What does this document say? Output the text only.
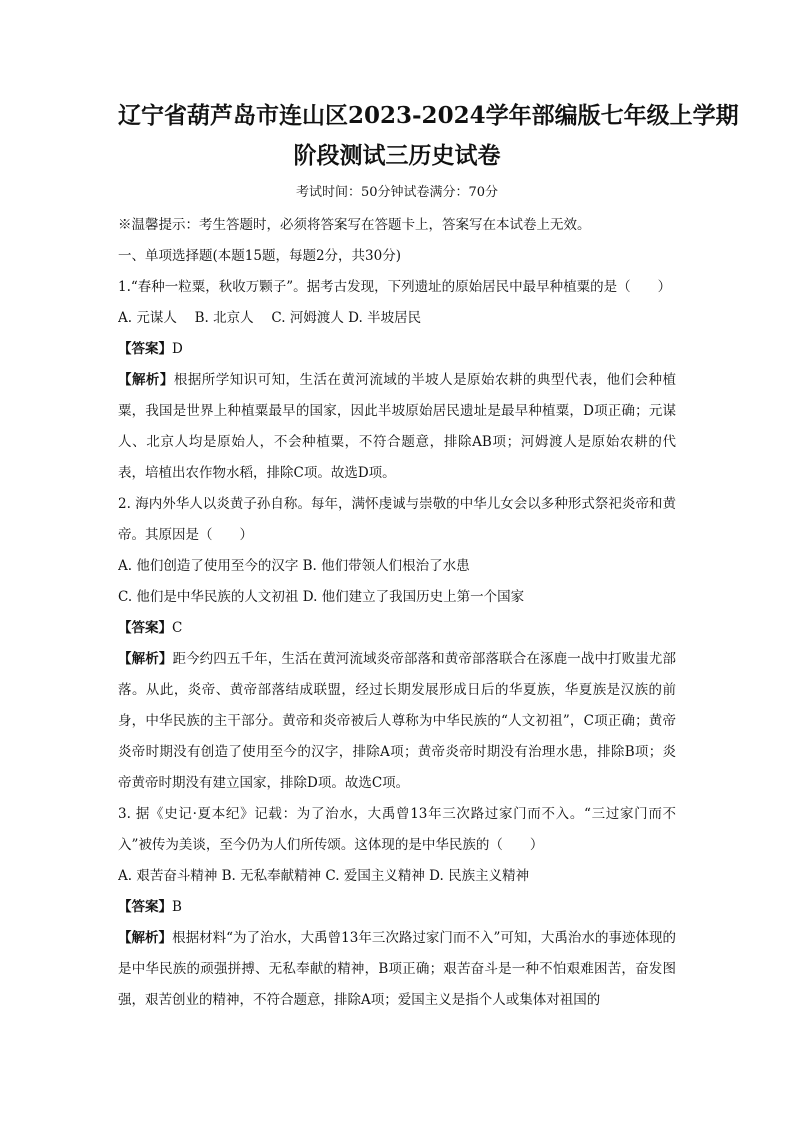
辽宁省葫芦岛市连山区2023-2024学年部编版七年级上学期
阶段测试三历史试卷
考试时间：50分钟试卷满分：70分
※温馨提示：考生答题时，必须将答案写在答题卡上，答案写在本试卷上无效。
一、单项选择题(本题15题，每题2分，共30分)
1.“春种一粒粟，秋收万颗子”。据考古发现，下列遗址的原始居民中最早种植粟的是（　　）
A. 元谋人　 B. 北京人　 C. 河姆渡人 D. 半坡居民
【答案】D
【解析】根据所学知识可知，生活在黄河流域的半坡人是原始农耕的典型代表，他们会种植粟，我国是世界上种植粟最早的国家，因此半坡原始居民遗址是最早种植粟，D项正确；元谋人、北京人均是原始人，不会种植粟，不符合题意，排除AB项；河姆渡人是原始农耕的代表，培植出农作物水稻，排除C项。故选D项。
2. 海内外华人以炎黄子孙自称。每年，满怀虔诚与崇敬的中华儿女会以多种形式祭祀炎帝和黄帝。其原因是（　　）
A. 他们创造了使用至今的汉字 B. 他们带领人们根治了水患
C. 他们是中华民族的人文初祖 D. 他们建立了我国历史上第一个国家
【答案】C
【解析】距今约四五千年，生活在黄河流域炎帝部落和黄帝部落联合在涿鹿一战中打败蚩尤部落。从此，炎帝、黄帝部落结成联盟，经过长期发展形成日后的华夏族，华夏族是汉族的前身，中华民族的主干部分。黄帝和炎帝被后人尊称为中华民族的“人文初祖”，C项正确；黄帝炎帝时期没有创造了使用至今的汉字，排除A项；黄帝炎帝时期没有治理水患，排除B项；炎帝黄帝时期没有建立国家，排除D项。故选C项。
3. 据《史记·夏本纪》记载：为了治水，大禹曾13年三次路过家门而不入。“三过家门而不入”被传为美谈，至今仍为人们所传颂。这体现的是中华民族的（　　）
A. 艰苦奋斗精神 B. 无私奉献精神 C. 爱国主义精神 D. 民族主义精神
【答案】B
【解析】根据材料“为了治水，大禹曾13年三次路过家门而不入”可知，大禹治水的事迹体现的是中华民族的顽强拼搏、无私奉献的精神，B项正确；艰苦奋斗是一种不怕艰难困苦，奋发图强，艰苦创业的精神，不符合题意，排除A项；爱国主义是指个人或集体对祖国的
